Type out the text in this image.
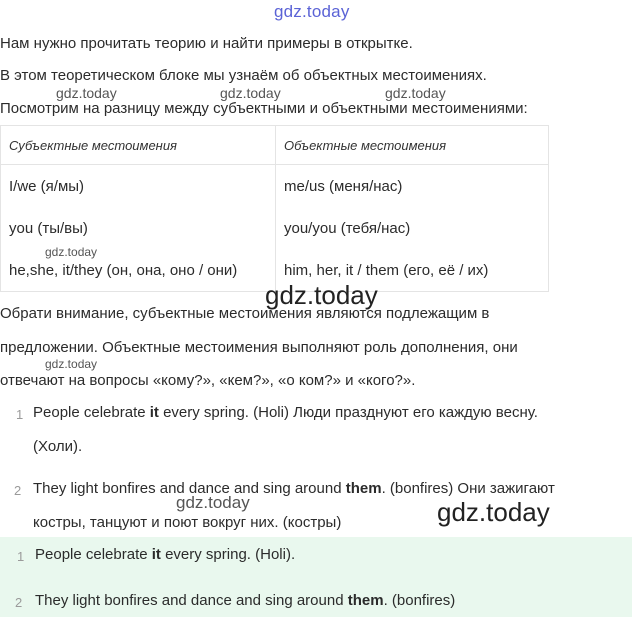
gdz.today
Нам нужно прочитать теорию и найти примеры в открытке.
В этом теоретическом блоке мы узнаём об объектных местоимениях.
gdz.today	gdz.today	gdz.today
Посмотрим на разницу между субъектными и объектными местоимениями:
Субъектные местоимения	Объектные местоимения
I/we (я/мы)	me/us (меня/нас)
you (ты/вы)	you/you (тебя/нас)
he,she, it/they (он, она, оно / они)	him, her, it / them (его, её / их)
gdz.today
gdz.today
Обрати внимание, субъектные местоимения являются подлежащим в
предложении. Объектные местоимения выполняют роль дополнения, они
gdz.today
отвечают на вопросы «кому?», «кем?», «о ком?» и «кого?».
1 People celebrate it every spring. (Holi) Люди празднуют его каждую весну.
(Холи).
2 They light bonfires and dance and sing around them. (bonfires) Они зажигают
gdz.today
костры, танцуют и поют вокруг них. (костры)	gdz.today
1 People celebrate it every spring. (Holi).
2 They light bonfires and dance and sing around them. (bonfires)
